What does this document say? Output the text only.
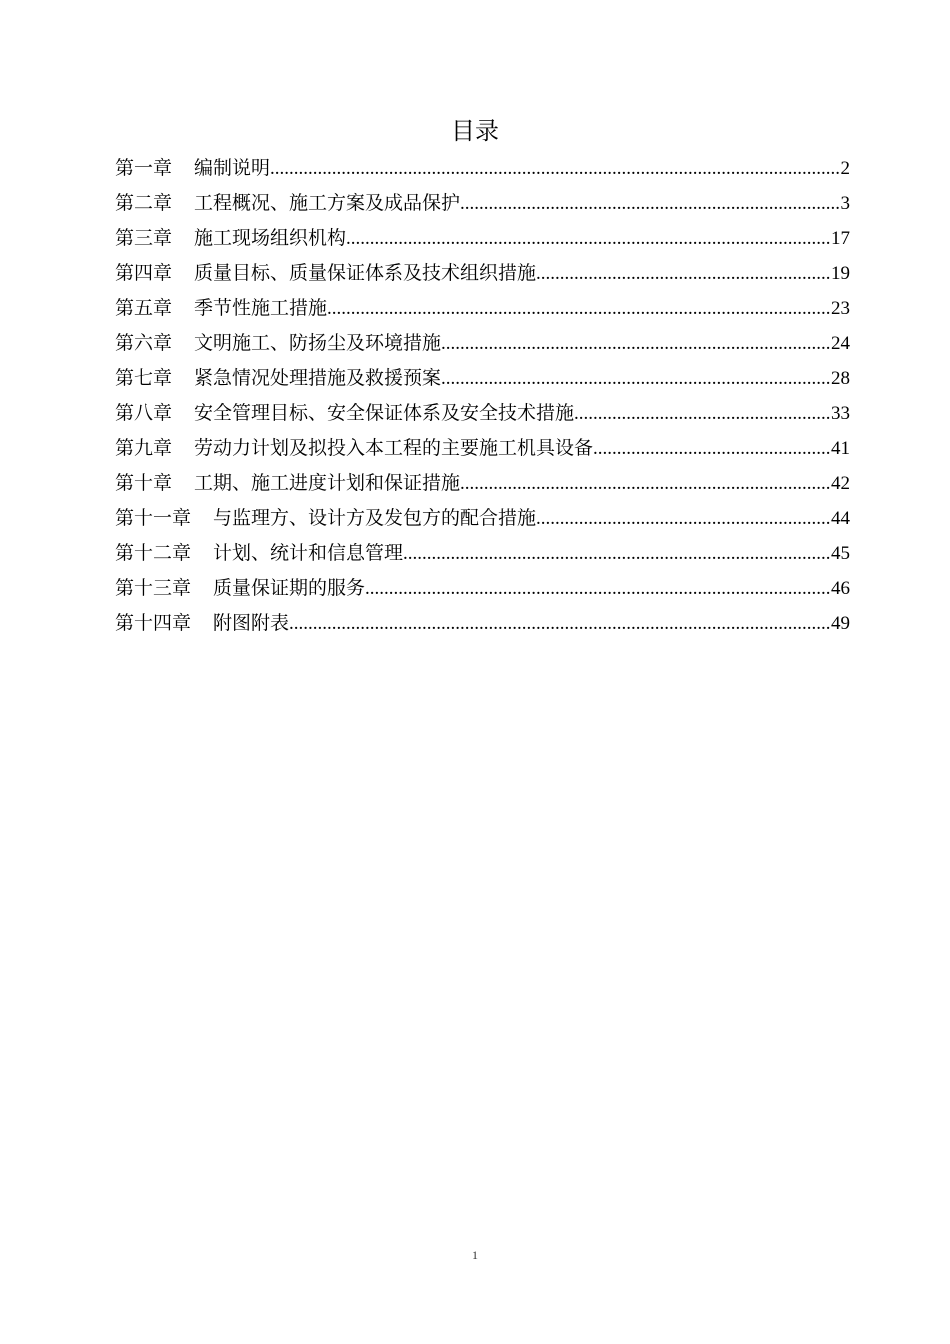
目录
第一章	编制说明 .....	2
第二章	工程概况、施工方案及成品保护 .....	3
第三章	施工现场组织机构 .....	17
第四章	质量目标、质量保证体系及技术组织措施 .....	19
第五章	季节性施工措施 .....	23
第六章	文明施工、防扬尘及环境措施 .....	24
第七章	紧急情况处理措施及救援预案 .....	28
第八章	安全管理目标、安全保证体系及安全技术措施 .....	33
第九章	劳动力计划及拟投入本工程的主要施工机具设备 .....	41
第十章	工期、施工进度计划和保证措施 .....	42
第十一章	与监理方、设计方及发包方的配合措施 .....	44
第十二章	计划、统计和信息管理 .....	45
第十三章	质量保证期的服务 .....	46
第十四章	附图附表 .....	49
1
